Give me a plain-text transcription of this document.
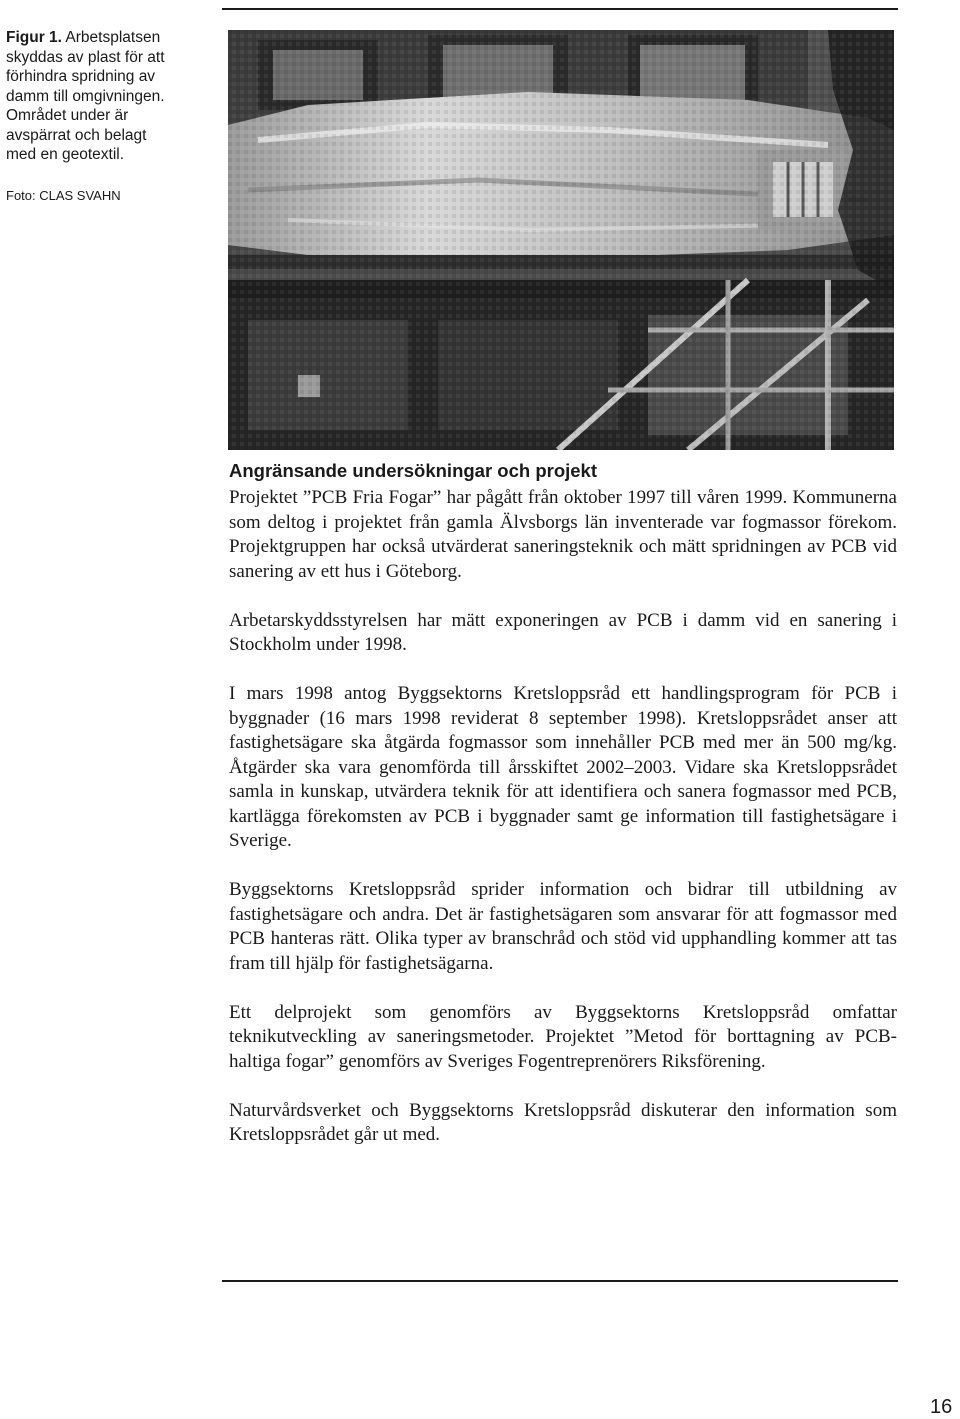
Figur 1. Arbetsplatsen
skyddas av plast för att
förhindra spridning av
damm till omgivningen.
Området under är
avspärrat och belagt
med en geotextil.
Foto: CLAS SVAHN
Angränsande undersökningar och projekt

Projektet ”PCB Fria Fogar” har pågått från oktober 1997 till våren 1999. Kommunerna som deltog i projektet från gamla Älvsborgs län inventerade var fogmassor förekom. Projektgruppen har också utvärderat saneringsteknik och mätt spridningen av PCB vid sanering av ett hus i Göteborg.

Arbetarskyddsstyrelsen har mätt exponeringen av PCB i damm vid en sanering i Stockholm under 1998.

I mars 1998 antog Byggsektorns Kretsloppsråd ett handlingsprogram för PCB i byggnader (16 mars 1998 reviderat 8 september 1998). Kretsloppsrådet anser att fastighetsägare ska åtgärda fogmassor som innehåller PCB med mer än 500 mg/kg. Åtgärder ska vara genomförda till årsskiftet 2002–2003. Vidare ska Kretsloppsrådet samla in kunskap, utvärdera teknik för att identifiera och sanera fogmassor med PCB, kartlägga förekomsten av PCB i byggnader samt ge information till fastighetsägare i Sverige.

Byggsektorns Kretsloppsråd sprider information och bidrar till utbildning av fastighetsägare och andra. Det är fastighetsägaren som ansvarar för att fogmassor med PCB hanteras rätt. Olika typer av branschråd och stöd vid upphandling kommer att tas fram till hjälp för fastighetsägarna.

Ett delprojekt som genomförs av Byggsektorns Kretsloppsråd omfattar teknikutveckling av saneringsmetoder. Projektet ”Metod för borttagning av PCB-haltiga fogar” genomförs av Sveriges Fogentreprenörers Riksförening.

Naturvårdsverket och Byggsektorns Kretsloppsråd diskuterar den information som Kretsloppsrådet går ut med.

16
